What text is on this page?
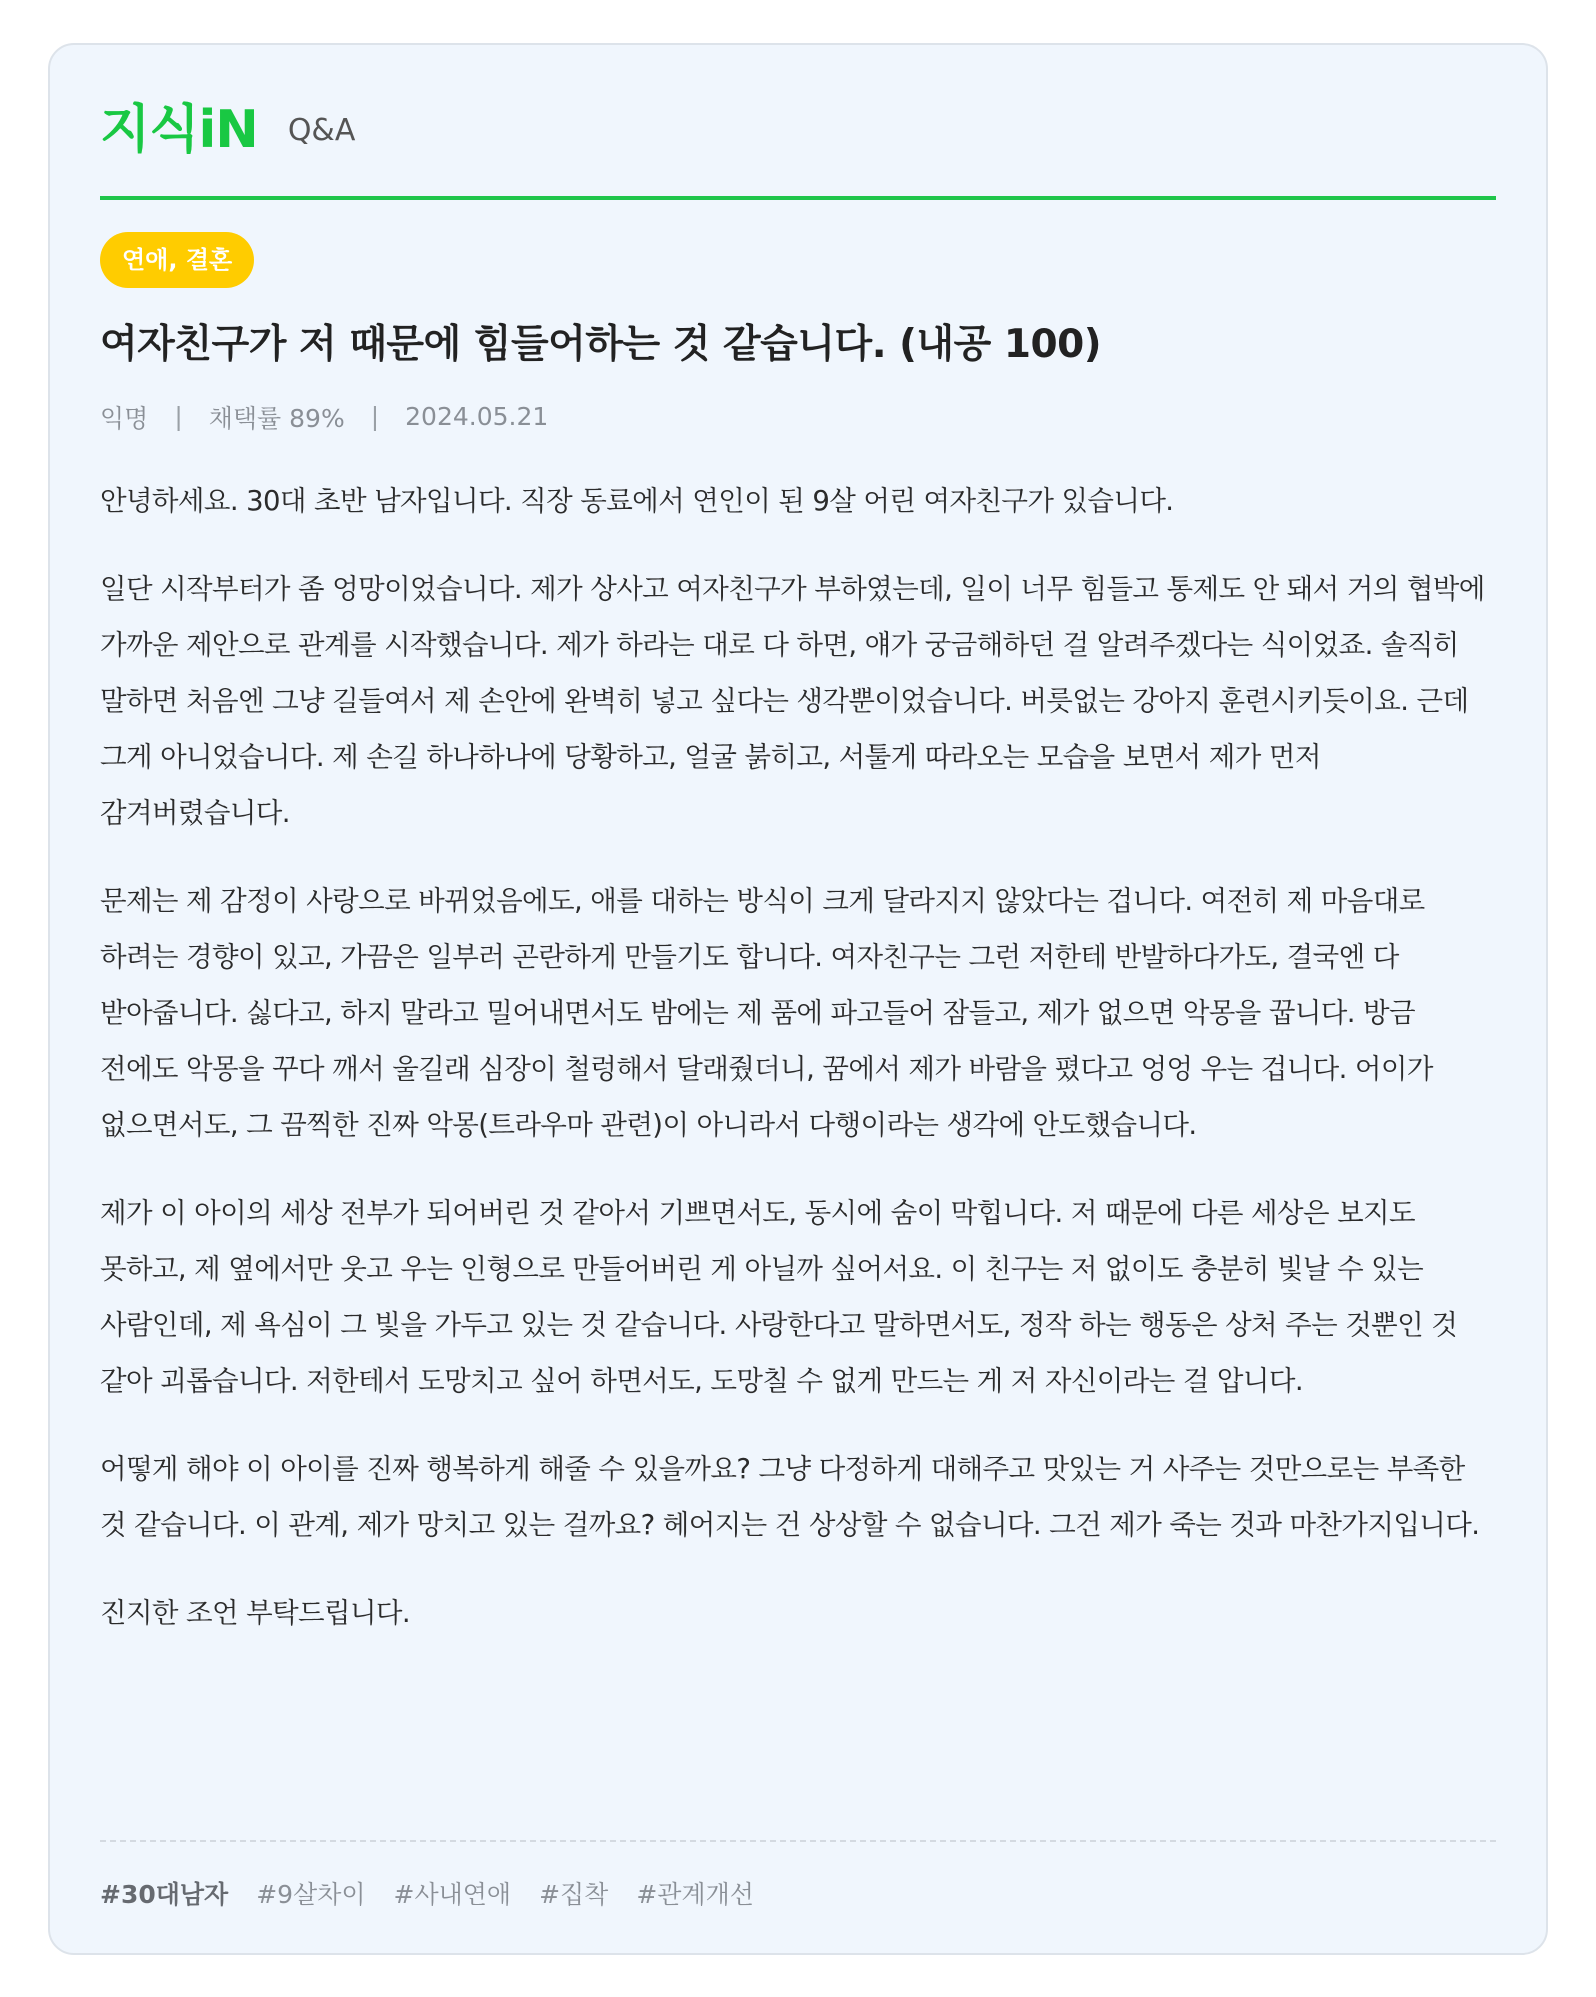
지식iN Q&A
연애, 결혼
여자친구가 저 때문에 힘들어하는 것 같습니다. (내공 100)
익명 | 채택률 89% | 2024.05.21

안녕하세요. 30대 초반 남자입니다. 직장 동료에서 연인이 된 9살 어린 여자친구가 있습니다.

일단 시작부터가 좀 엉망이었습니다. 제가 상사고 여자친구가 부하였는데, 일이 너무 힘들고 통제도 안 돼서 거의 협박에 가까운 제안으로 관계를 시작했습니다. 제가 하라는 대로 다 하면, 얘가 궁금해하던 걸 알려주겠다는 식이었죠. 솔직히 말하면 처음엔 그냥 길들여서 제 손안에 완벽히 넣고 싶다는 생각뿐이었습니다. 버릇없는 강아지 훈련시키듯이요. 근데 그게 아니었습니다. 제 손길 하나하나에 당황하고, 얼굴 붉히고, 서툴게 따라오는 모습을 보면서 제가 먼저 감겨버렸습니다.

문제는 제 감정이 사랑으로 바뀌었음에도, 애를 대하는 방식이 크게 달라지지 않았다는 겁니다. 여전히 제 마음대로 하려는 경향이 있고, 가끔은 일부러 곤란하게 만들기도 합니다. 여자친구는 그런 저한테 반발하다가도, 결국엔 다 받아줍니다. 싫다고, 하지 말라고 밀어내면서도 밤에는 제 품에 파고들어 잠들고, 제가 없으면 악몽을 꿉니다. 방금 전에도 악몽을 꾸다 깨서 울길래 심장이 철렁해서 달래줬더니, 꿈에서 제가 바람을 폈다고 엉엉 우는 겁니다. 어이가 없으면서도, 그 끔찍한 진짜 악몽(트라우마 관련)이 아니라서 다행이라는 생각에 안도했습니다.

제가 이 아이의 세상 전부가 되어버린 것 같아서 기쁘면서도, 동시에 숨이 막힙니다. 저 때문에 다른 세상은 보지도 못하고, 제 옆에서만 웃고 우는 인형으로 만들어버린 게 아닐까 싶어서요. 이 친구는 저 없이도 충분히 빛날 수 있는 사람인데, 제 욕심이 그 빛을 가두고 있는 것 같습니다. 사랑한다고 말하면서도, 정작 하는 행동은 상처 주는 것뿐인 것 같아 괴롭습니다. 저한테서 도망치고 싶어 하면서도, 도망칠 수 없게 만드는 게 저 자신이라는 걸 압니다.

어떻게 해야 이 아이를 진짜 행복하게 해줄 수 있을까요? 그냥 다정하게 대해주고 맛있는 거 사주는 것만으로는 부족한 것 같습니다. 이 관계, 제가 망치고 있는 걸까요? 헤어지는 건 상상할 수 없습니다. 그건 제가 죽는 것과 마찬가지입니다.

진지한 조언 부탁드립니다.

#30대남자 #9살차이 #사내연애 #집착 #관계개선
